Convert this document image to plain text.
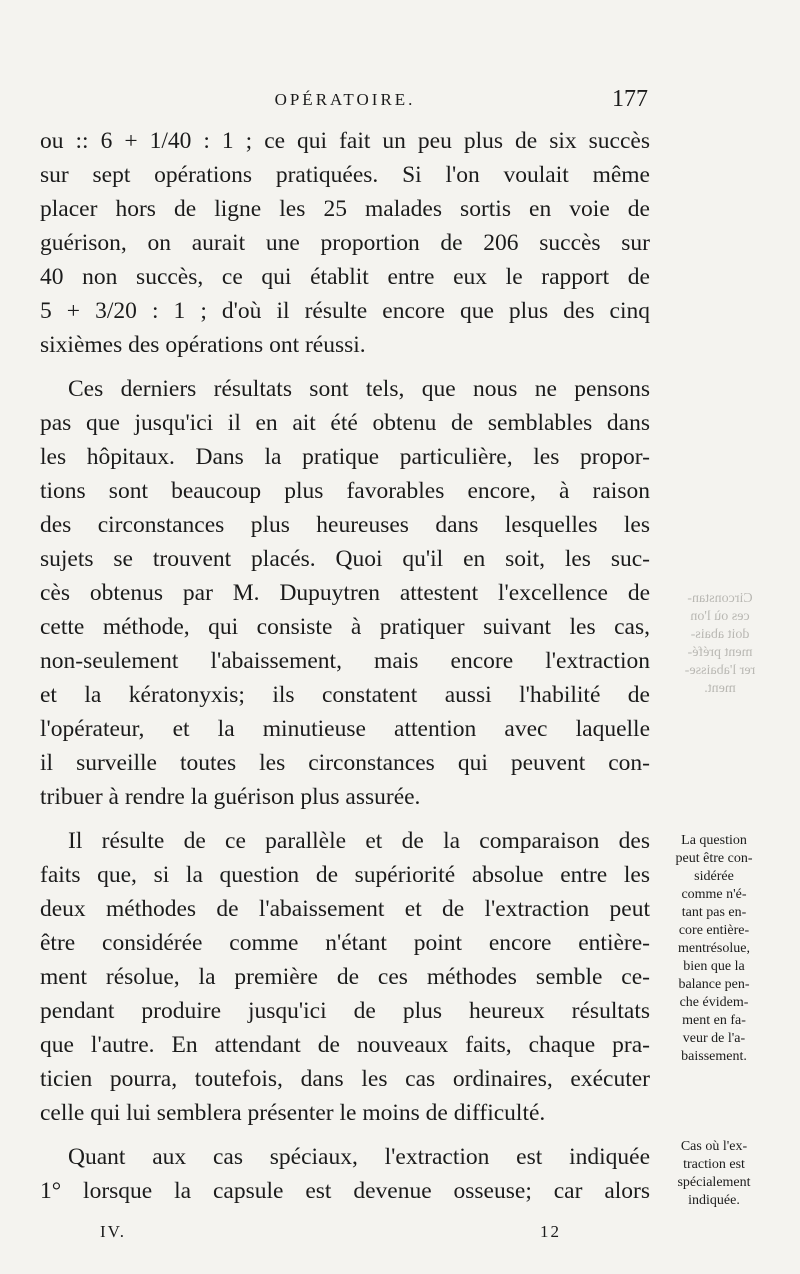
OPÉRATOIRE.	177
Circonstan-
ces où l'on
doit abais-
ment préfé-
rer l'abaisse-
ment.

ou :: 6 + 1/40 : 1 ; ce qui fait un peu plus de six succès
sur sept opérations pratiquées. Si l'on voulait même
placer hors de ligne les 25 malades sortis en voie de
guérison, on aurait une proportion de 206 succès sur
40 non succès, ce qui établit entre eux le rapport de
5 + 3/20 : 1 ; d'où il résulte encore que plus des cinq
sixièmes des opérations ont réussi.

Ces derniers résultats sont tels, que nous ne pensons
pas que jusqu'ici il en ait été obtenu de semblables dans
les hôpitaux. Dans la pratique particulière, les propor-
tions sont beaucoup plus favorables encore, à raison
des circonstances plus heureuses dans lesquelles les
sujets se trouvent placés. Quoi qu'il en soit, les suc-
cès obtenus par M. Dupuytren attestent l'excellence de
cette méthode, qui consiste à pratiquer suivant les cas,
non-seulement l'abaissement, mais encore l'extraction
et la kératonyxis; ils constatent aussi l'habilité de
l'opérateur, et la minutieuse attention avec laquelle
il surveille toutes les circonstances qui peuvent con-
tribuer à rendre la guérison plus assurée.

Il résulte de ce parallèle et de la comparaison des
faits que, si la question de supériorité absolue entre les
deux méthodes de l'abaissement et de l'extraction peut
être considérée comme n'étant point encore entière-
ment résolue, la première de ces méthodes semble ce-
pendant produire jusqu'ici de plus heureux résultats
que l'autre. En attendant de nouveaux faits, chaque pra-
ticien pourra, toutefois, dans les cas ordinaires, exécuter
celle qui lui semblera présenter le moins de difficulté.

Quant aux cas spéciaux, l'extraction est indiquée
1° lorsque la capsule est devenue osseuse; car alors

La question
peut être con-
sidérée
comme n'é-
tant pas en-
core entière-
mentrésolue,
bien que la
balance pen-
che évidem-
ment en fa-
veur de l'a-
baissement.
Cas où l'ex-
traction est
spécialement
indiquée.
IV.	12
